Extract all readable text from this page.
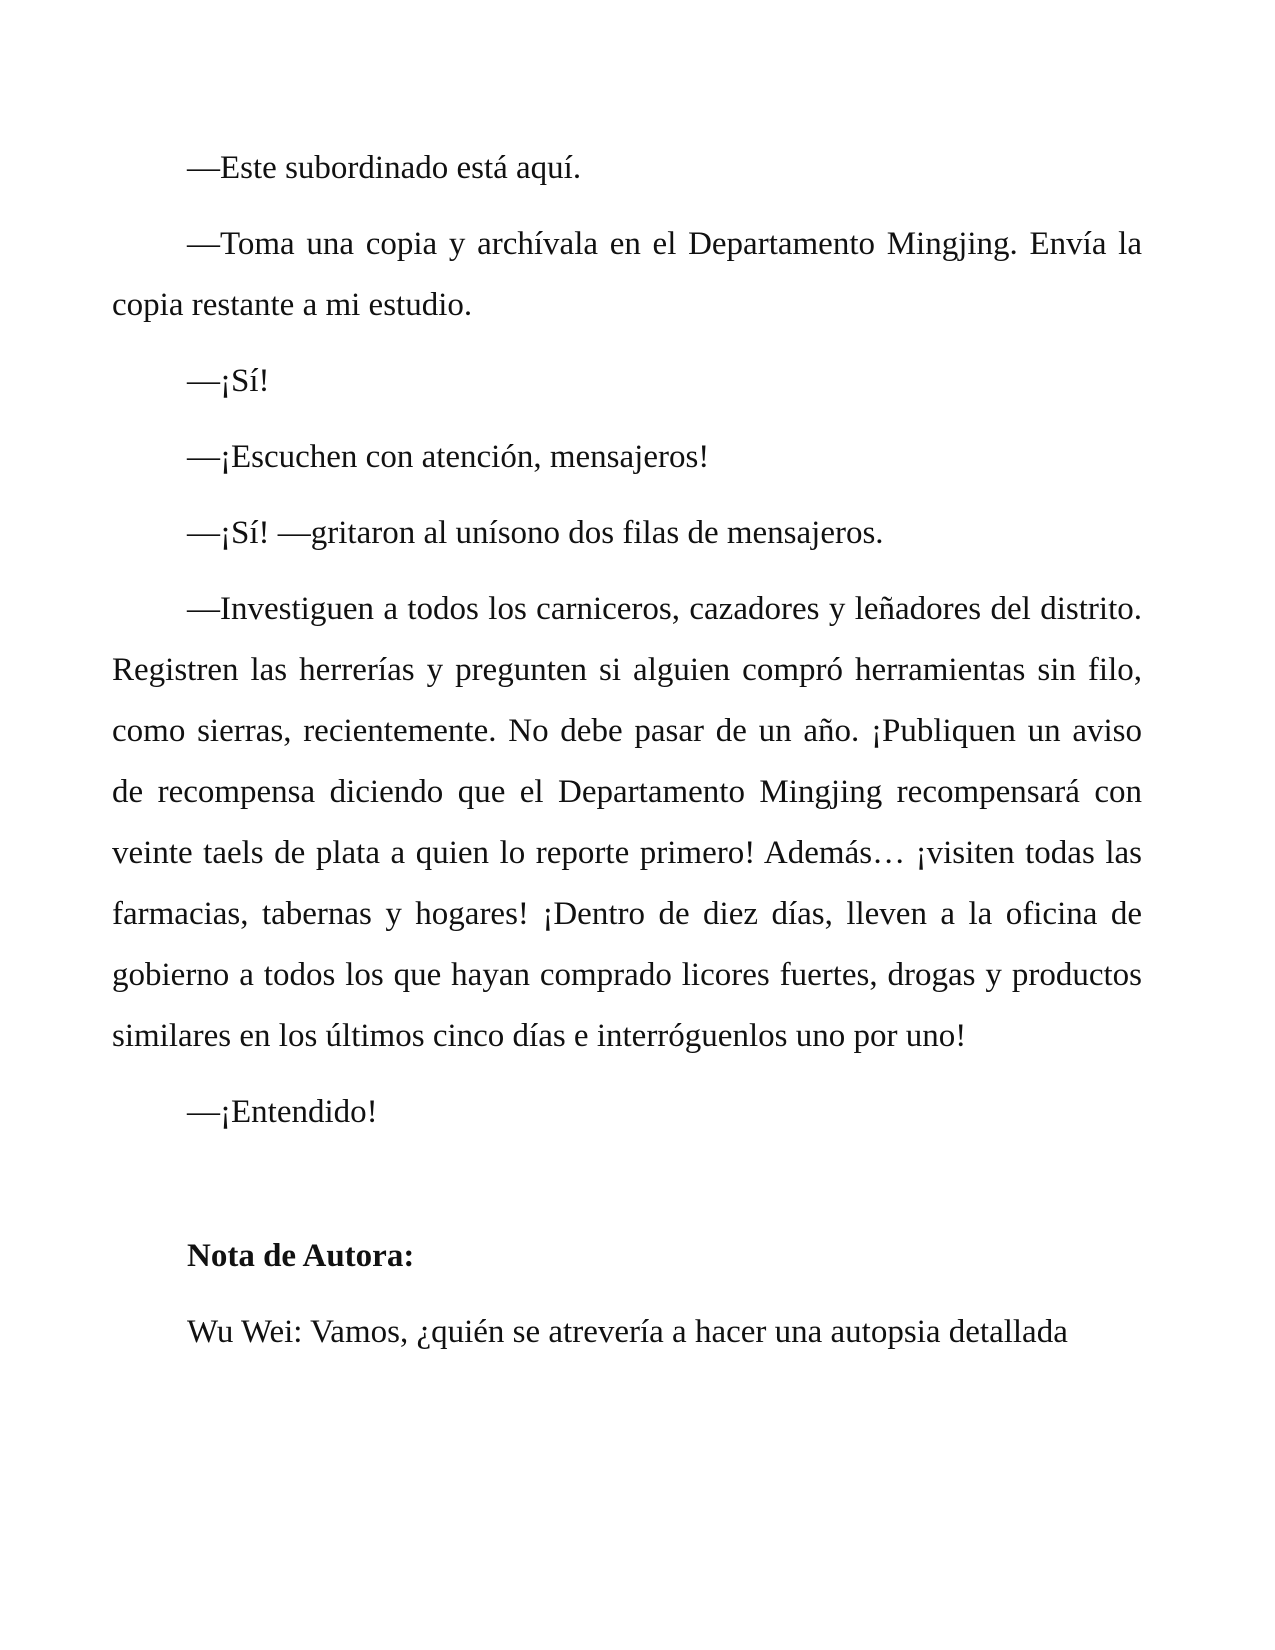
—Este subordinado está aquí.

—Toma una copia y archívala en el Departamento Mingjing. Envía la copia restante a mi estudio.

—¡Sí!

—¡Escuchen con atención, mensajeros!

—¡Sí! —gritaron al unísono dos filas de mensajeros.

—Investiguen a todos los carniceros, cazadores y leñadores del distrito. Registren las herrerías y pregunten si alguien compró herramientas sin filo, como sierras, recientemente. No debe pasar de un año. ¡Publiquen un aviso de recompensa diciendo que el Departamento Mingjing recompensará con veinte taels de plata a quien lo reporte primero! Además… ¡visiten todas las farmacias, tabernas y hogares! ¡Dentro de diez días, lleven a la oficina de gobierno a todos los que hayan comprado licores fuertes, drogas y productos similares en los últimos cinco días e interróguenlos uno por uno!

—¡Entendido!

Nota de Autora:
Wu Wei: Vamos, ¿quién se atrevería a hacer una autopsia detallada
